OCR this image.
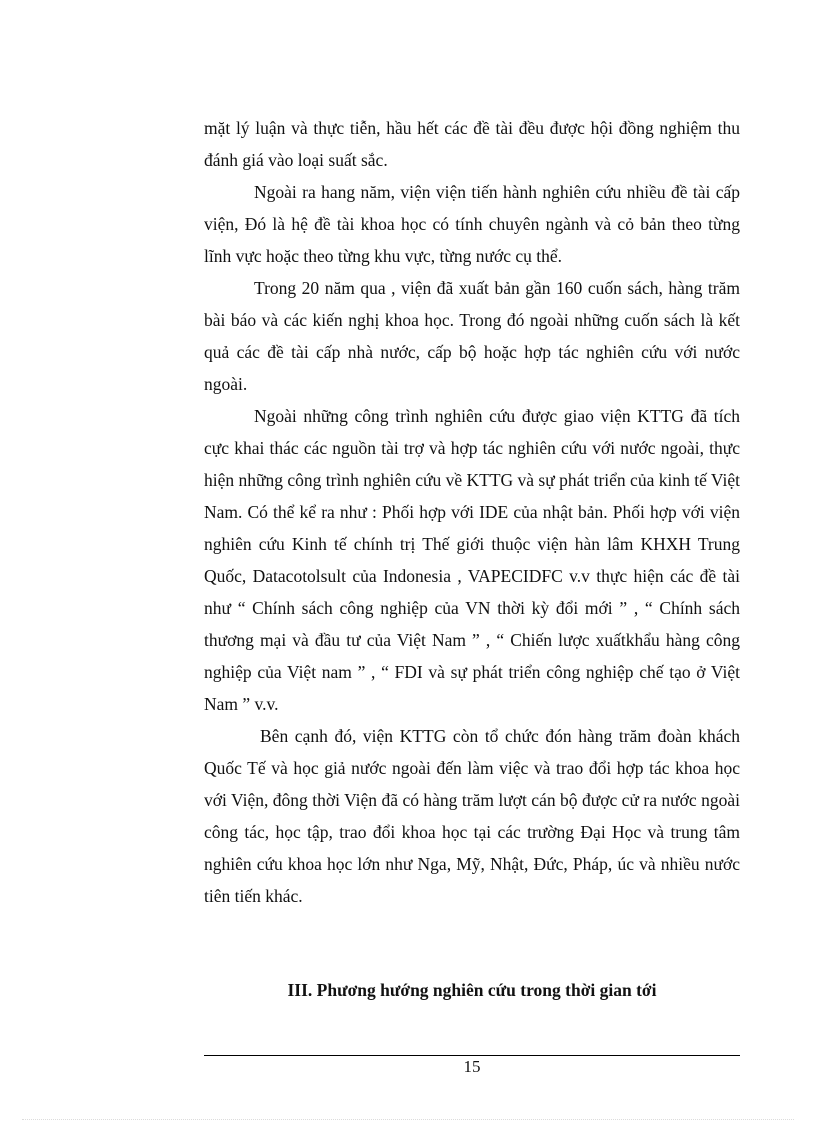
mặt lý luận và thực tiễn, hầu hết các đề tài đều được hội đồng nghiệm thu đánh giá vào loại suất sắc.

Ngoài ra hang năm, viện viện tiến hành nghiên cứu nhiều đề tài cấp viện, Đó là hệ đề tài khoa học có tính chuyên ngành và cỏ bản theo từng lĩnh vực hoặc theo từng khu vực, từng nước cụ thể.

Trong 20 năm qua , viện đã xuất bản gần 160 cuốn sách, hàng trăm bài báo và các kiến nghị khoa học. Trong đó ngoài những cuốn sách là kết quả các đề tài cấp nhà nước, cấp bộ hoặc hợp tác nghiên cứu với nước ngoài.

Ngoài những công trình nghiên cứu được giao viện KTTG đã tích cực khai thác các nguồn tài trợ và hợp tác nghiên cứu với nước ngoài, thực hiện những công trình nghiên cứu về KTTG và sự phát triển của kinh tế Việt Nam. Có thể kể ra như : Phối hợp với IDE của nhật bản. Phối hợp với viện nghiên cứu Kinh tế chính trị Thế giới thuộc viện hàn lâm KHXH Trung Quốc, Datacotolsult của Indonesia , VAPECIDFC v.v thực hiện các đề tài như “ Chính sách công nghiệp của VN thời kỳ đổi mới ” , “ Chính sách thương mại và đầu tư của Việt Nam ” , “ Chiến lược xuấtkhẩu hàng công nghiệp của Việt nam ” , “ FDI và sự phát triển công nghiệp chế tạo ở Việt Nam ” v.v.

Bên cạnh đó, viện KTTG còn tổ chức đón hàng trăm đoàn khách Quốc Tế và học giả nước ngoài đến làm việc và trao đổi hợp tác khoa học với Viện, đông thời Viện đã có hàng trăm lượt cán bộ được cử ra nước ngoài công tác, học tập, trao đổi khoa học tại các trường Đại Học và trung tâm nghiên cứu khoa học lớn như Nga, Mỹ, Nhật, Đức, Pháp, úc và nhiều nước tiên tiến khác.

III. Phương hướng nghiên cứu trong thời gian tới
15
